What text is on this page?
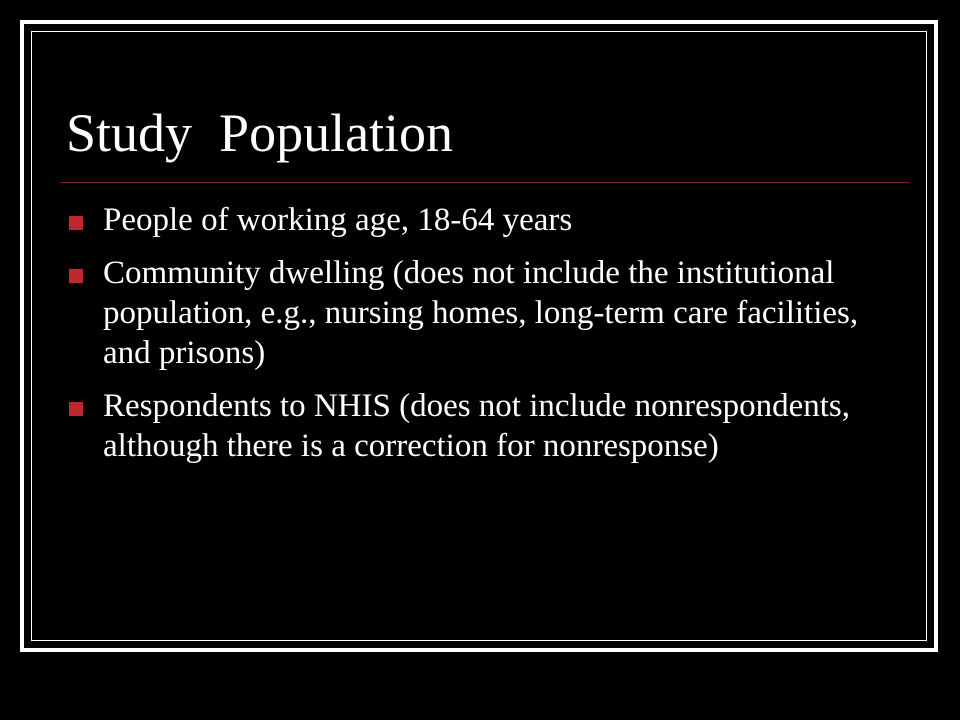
Study  Population
People of working age, 18-64 years
Community dwelling (does not include the institutional population, e.g., nursing homes, long-term care facilities, and prisons)
Respondents to NHIS (does not include nonrespondents, although there is a correction for nonresponse)
